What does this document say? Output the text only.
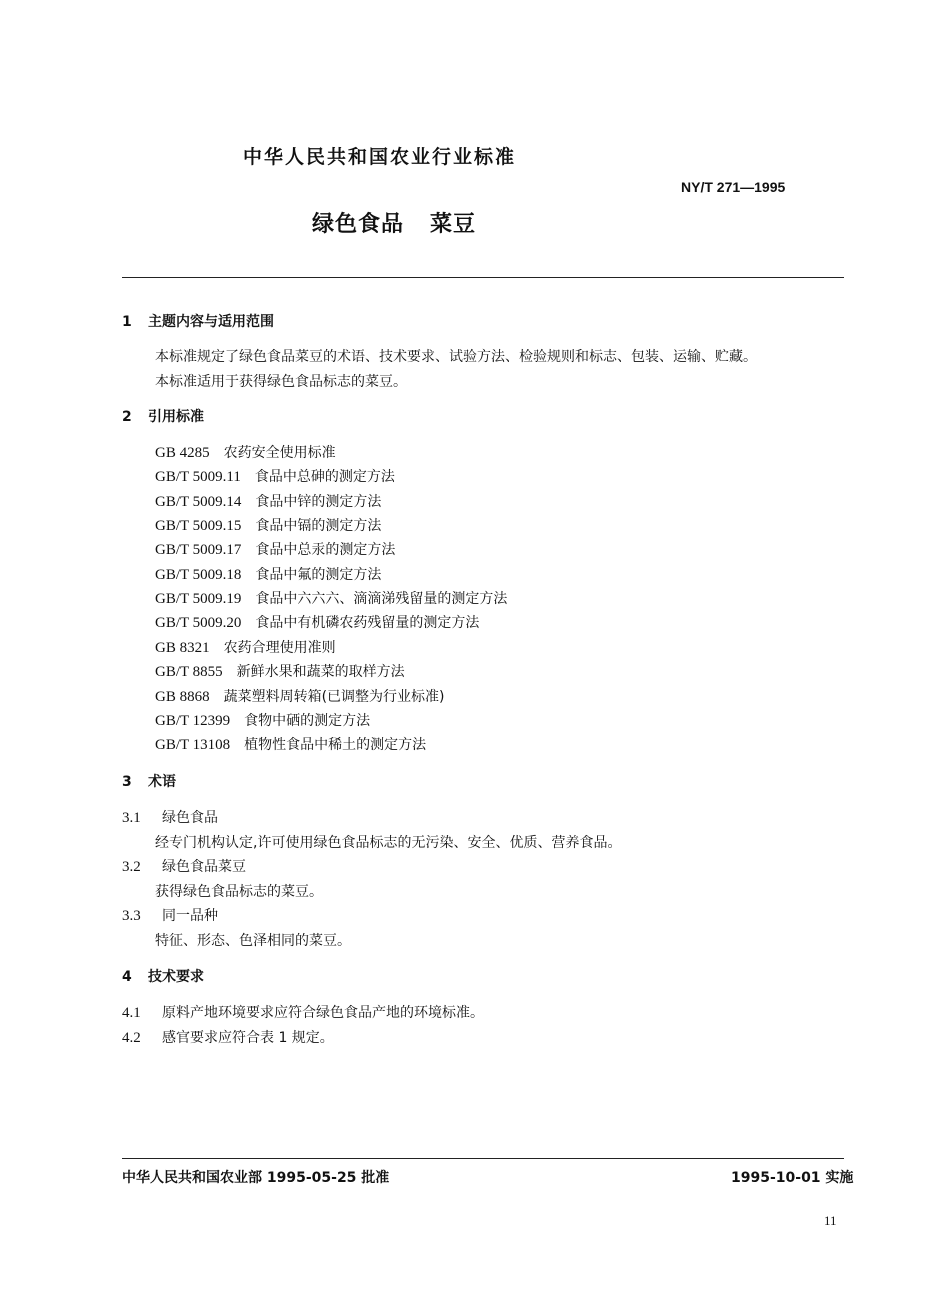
中华人民共和国农业行业标准
NY/T 271—1995
绿色食品 菜豆
1 主题内容与适用范围
本标准规定了绿色食品菜豆的术语、技术要求、试验方法、检验规则和标志、包装、运输、贮藏。
本标准适用于获得绿色食品标志的菜豆。
2 引用标准
GB 4285 农药安全使用标准
GB/T 5009.11 食品中总砷的测定方法
GB/T 5009.14 食品中锌的测定方法
GB/T 5009.15 食品中镉的测定方法
GB/T 5009.17 食品中总汞的测定方法
GB/T 5009.18 食品中氟的测定方法
GB/T 5009.19 食品中六六六、滴滴涕残留量的测定方法
GB/T 5009.20 食品中有机磷农药残留量的测定方法
GB 8321 农药合理使用准则
GB/T 8855 新鲜水果和蔬菜的取样方法
GB 8868 蔬菜塑料周转箱(已调整为行业标准)
GB/T 12399 食物中硒的测定方法
GB/T 13108 植物性食品中稀土的测定方法
3 术语
3.1 绿色食品
经专门机构认定,许可使用绿色食品标志的无污染、安全、优质、营养食品。
3.2 绿色食品菜豆
获得绿色食品标志的菜豆。
3.3 同一品种
特征、形态、色泽相同的菜豆。
4 技术要求
4.1 原料产地环境要求应符合绿色食品产地的环境标准。
4.2 感官要求应符合表 1 规定。
中华人民共和国农业部 1995-05-25 批准	1995-10-01 实施
11
